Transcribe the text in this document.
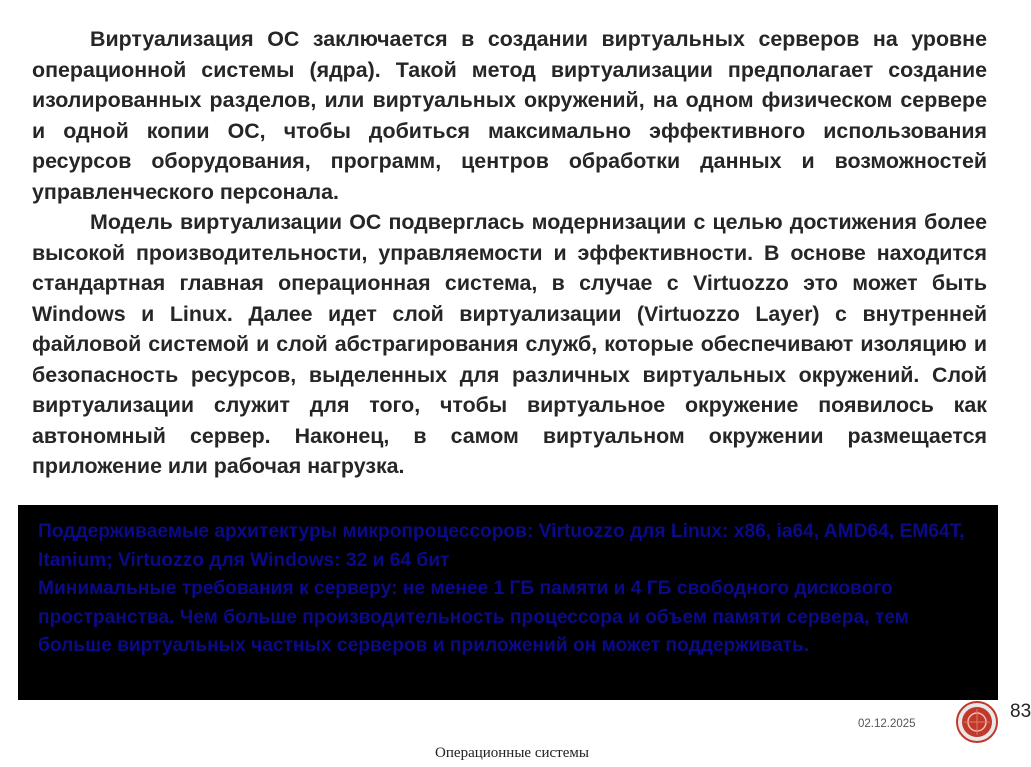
Виртуализация ОС заключается в создании виртуальных серверов на уровне операционной системы (ядра). Такой метод виртуализации предполагает создание изолированных разделов, или виртуальных окружений, на одном физическом сервере и одной копии ОС, чтобы добиться максимально эффективного использования ресурсов оборудования, программ, центров обработки данных и возможностей управленческого персонала.

Модель виртуализации ОС подверглась модернизации с целью достижения более высокой производительности, управляемости и эффективности. В основе находится стандартная главная операционная система, в случае с Virtuozzo это может быть Windows и Linux. Далее идет слой виртуализации (Virtuozzo Layer) с внутренней файловой системой и слой абстрагирования служб, которые обеспечивают изоляцию и безопасность ресурсов, выделенных для различных виртуальных окружений. Слой виртуализации служит для того, чтобы виртуальное окружение появилось как автономный сервер. Наконец, в самом виртуальном окружении размещается приложение или рабочая нагрузка.

Поддерживаемые архитектуры микропроцессоров: Virtuozzo для Linux: x86, ia64, AMD64, EM64T, Itanium; Virtuozzo для Windows: 32 и 64 бит

Минимальные требования к серверу: не менее 1 ГБ памяти и 4 ГБ свободного дискового пространства. Чем больше производительность процессора и объем памяти сервера, тем больше виртуальных частных серверов и приложений он может поддерживать.

02.12.2025
83
Операционные системы
